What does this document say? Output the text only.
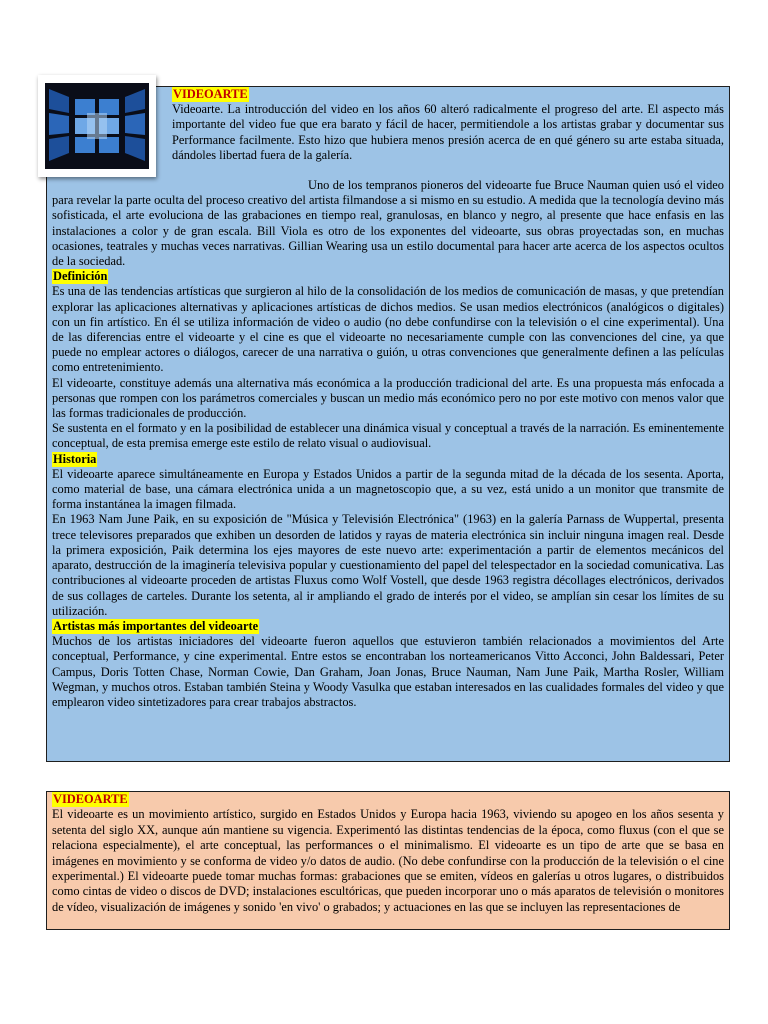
VIDEOARTE

Videoarte. La introducción del video en los años 60 alteró radicalmente el progreso del arte. El aspecto más importante del video fue que era barato y fácil de hacer, permitiendole a los artistas grabar y documentar sus Performance facilmente. Esto hizo que hubiera menos presión acerca de en qué género su arte estaba situada, dándoles libertad fuera de la galería.

Uno de los tempranos pioneros del videoarte fue Bruce Nauman quien usó el video para revelar la parte oculta del proceso creativo del artista filmandose a si mismo en su estudio. A medida que la tecnología devino más sofisticada, el arte evoluciona de las grabaciones en tiempo real, granulosas, en blanco y negro, al presente que hace enfasis en las instalaciones a color y de gran escala. Bill Viola es otro de los exponentes del videoarte, sus obras proyectadas son, en muchas ocasiones, teatrales y muchas veces narrativas. Gillian Wearing usa un estilo documental para hacer arte acerca de los aspectos ocultos de la sociedad.

Definición

Es una de las tendencias artísticas que surgieron al hilo de la consolidación de los medios de comunicación de masas, y que pretendían explorar las aplicaciones alternativas y aplicaciones artísticas de dichos medios. Se usan medios electrónicos (analógicos o digitales) con un fin artístico. En él se utiliza información de video o audio (no debe confundirse con la televisión o el cine experimental). Una de las diferencias entre el videoarte y el cine es que el videoarte no necesariamente cumple con las convenciones del cine, ya que puede no emplear actores o diálogos, carecer de una narrativa o guión, u otras convenciones que generalmente definen a las películas como entretenimiento.

El videoarte, constituye además una alternativa más económica a la producción tradicional del arte. Es una propuesta más enfocada a personas que rompen con los parámetros comerciales y buscan un medio más económico pero no por este motivo con menos valor que las formas tradicionales de producción.

Se sustenta en el formato y en la posibilidad de establecer una dinámica visual y conceptual a través de la narración. Es eminentemente conceptual, de esta premisa emerge este estilo de relato visual o audiovisual.

Historia

El videoarte aparece simultáneamente en Europa y Estados Unidos a partir de la segunda mitad de la década de los sesenta. Aporta, como material de base, una cámara electrónica unida a un magnetoscopio que, a su vez, está unido a un monitor que transmite de forma instantánea la imagen filmada.

En 1963 Nam June Paik, en su exposición de "Música y Televisión Electrónica" (1963) en la galería Parnass de Wuppertal, presenta trece televisores preparados que exhiben un desorden de latidos y rayas de materia electrónica sin incluir ninguna imagen real. Desde la primera exposición, Paik determina los ejes mayores de este nuevo arte: experimentación a partir de elementos mecánicos del aparato, destrucción de la imaginería televisiva popular y cuestionamiento del papel del telespectador en la sociedad comunicativa. Las contribuciones al videoarte proceden de artistas Fluxus como Wolf Vostell, que desde 1963 registra décollages electrónicos, derivados de sus collages de carteles. Durante los setenta, al ir ampliando el grado de interés por el video, se amplían sin cesar los límites de su utilización.

Artistas más importantes del videoarte

Muchos de los artistas iniciadores del videoarte fueron aquellos que estuvieron también relacionados a movimientos del Arte conceptual, Performance, y cine experimental. Entre estos se encontraban los norteamericanos Vitto Acconci, John Baldessari, Peter Campus, Doris Totten Chase, Norman Cowie, Dan Graham, Joan Jonas, Bruce Nauman, Nam June Paik, Martha Rosler, William Wegman, y muchos otros. Estaban también Steina y Woody Vasulka que estaban interesados en las cualidades formales del video y que emplearon video sintetizadores para crear trabajos abstractos.

VIDEOARTE

El videoarte es un movimiento artístico, surgido en Estados Unidos y Europa hacia 1963, viviendo su apogeo en los años sesenta y setenta del siglo XX, aunque aún mantiene su vigencia. Experimentó las distintas tendencias de la época, como fluxus (con el que se relaciona especialmente), el arte conceptual, las performances o el minimalismo. El videoarte es un tipo de arte que se basa en imágenes en movimiento y se conforma de video y/o datos de audio. (No debe confundirse con la producción de la televisión o el cine experimental.) El videoarte puede tomar muchas formas: grabaciones que se emiten, vídeos en galerías u otros lugares, o distribuidos como cintas de video o discos de DVD; instalaciones escultóricas, que pueden incorporar uno o más aparatos de televisión o monitores de vídeo, visualización de imágenes y sonido 'en vivo' o grabados; y actuaciones en las que se incluyen las representaciones de
